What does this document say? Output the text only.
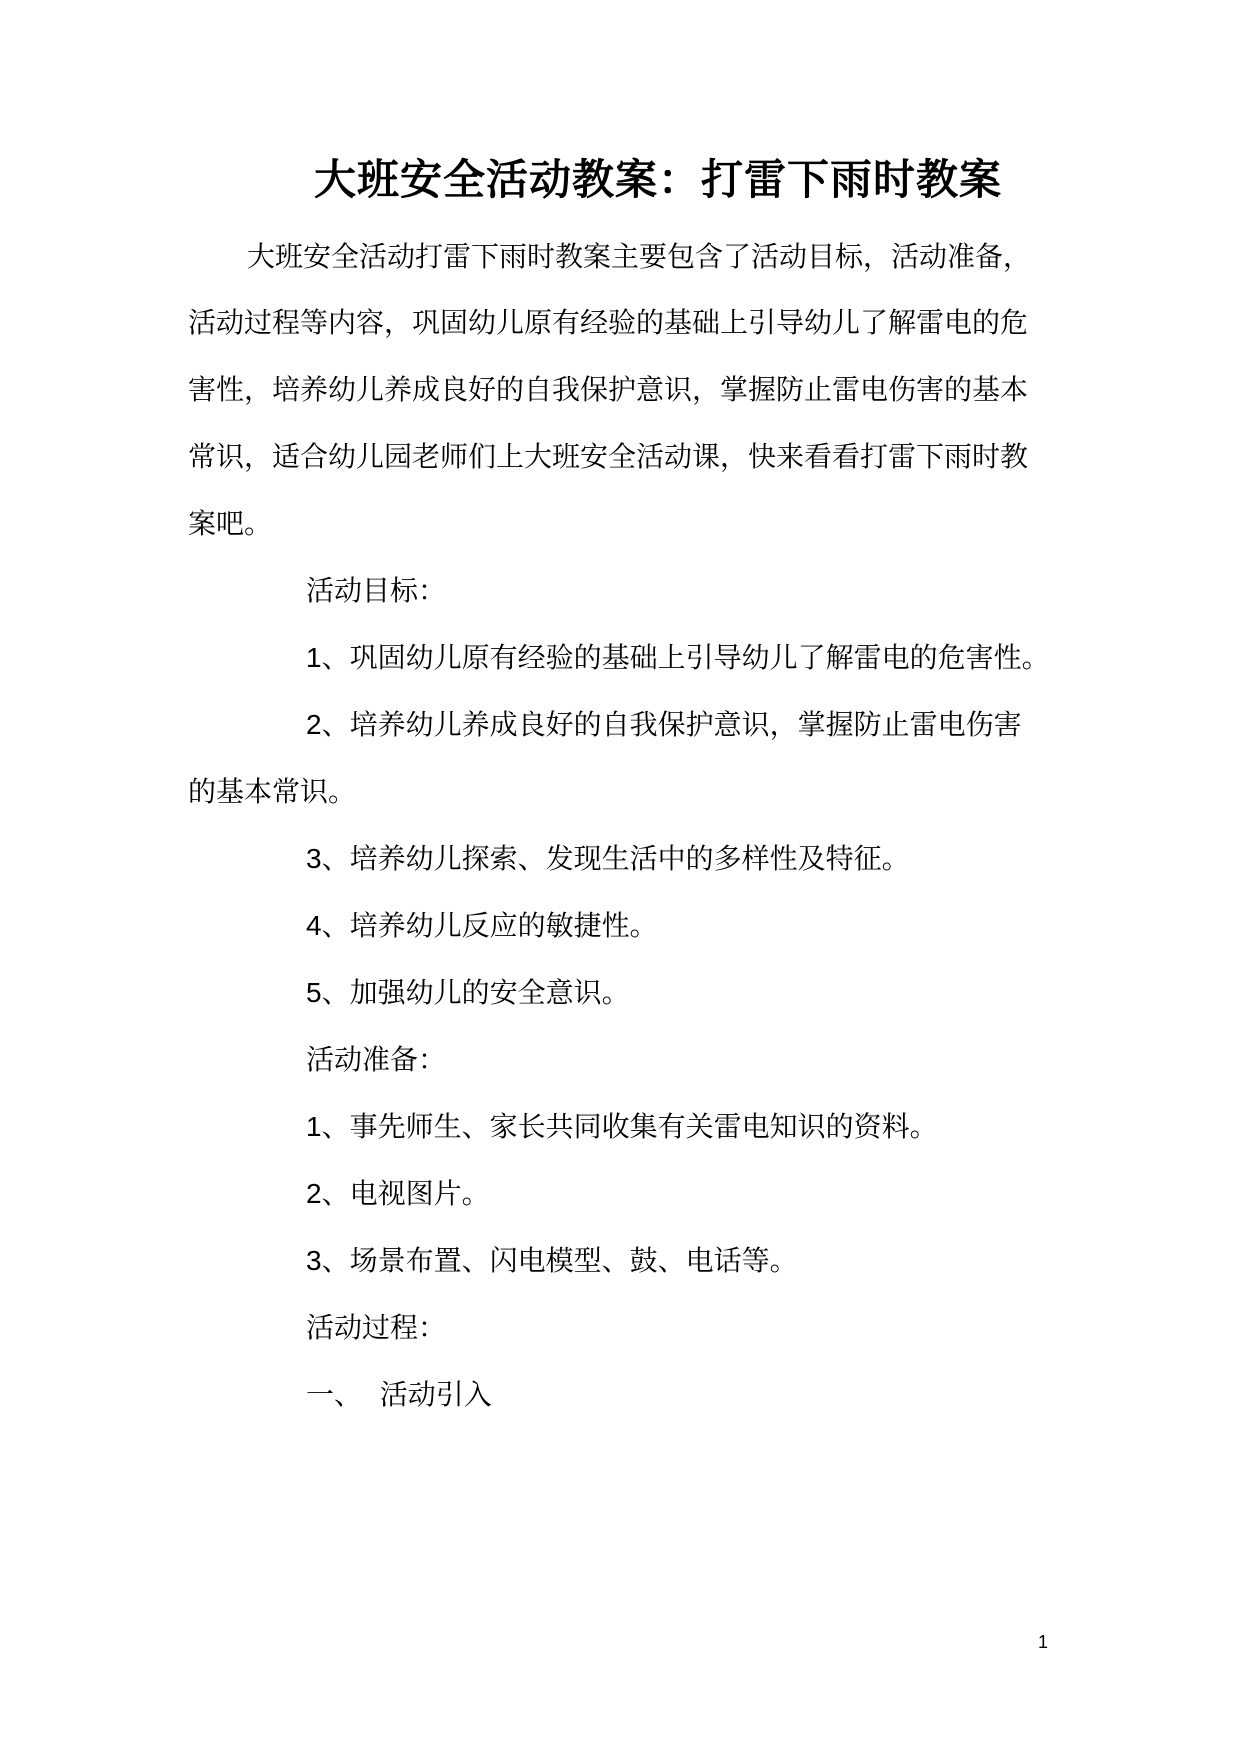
大班安全活动教案：打雷下雨时教案
大班安全活动打雷下雨时教案主要包含了活动目标，活动准备，
活动过程等内容，巩固幼儿原有经验的基础上引导幼儿了解雷电的危
害性，培养幼儿养成良好的自我保护意识，掌握防止雷电伤害的基本
常识，适合幼儿园老师们上大班安全活动课，快来看看打雷下雨时教
案吧。
活动目标：
1、巩固幼儿原有经验的基础上引导幼儿了解雷电的危害性。
2、培养幼儿养成良好的自我保护意识，掌握防止雷电伤害
的基本常识。
3、培养幼儿探索、发现生活中的多样性及特征。
4、培养幼儿反应的敏捷性。
5、加强幼儿的安全意识。
活动准备：
1、事先师生、家长共同收集有关雷电知识的资料。
2、电视图片。
3、场景布置、闪电模型、鼓、电话等。
活动过程：
一、  活动引入
1
